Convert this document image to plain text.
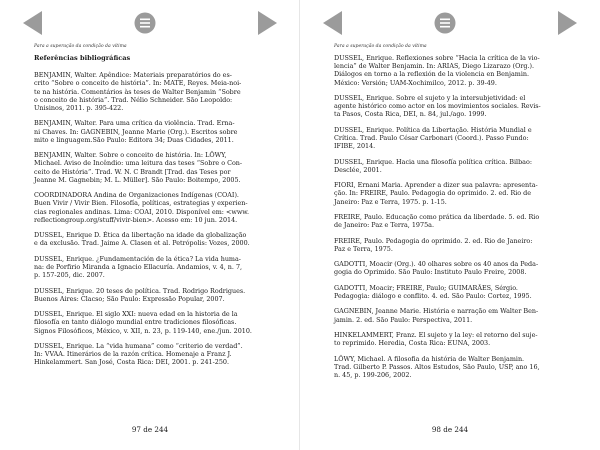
Para a superação da condição da vítima
Referências bibliográficas
BENJAMIN, Walter. Apêndice: Materiais preparatórios do es-
crito “Sobre o conceito de história”. In: MATE, Reyes. Meia-noi-
te na história. Comentários às teses de Walter Benjamin “Sobre
o conceito de história”. Trad. Nélio Schneider. São Leopoldo:
Unisinos, 2011. p. 395-422.
BENJAMIN, Walter. Para uma crítica da violência. Trad. Erna-
ni Chaves. In: GAGNEBIN, Jeanne Marie (Org.). Escritos sobre
mito e linguagem.São Paulo: Editora 34; Duas Cidades, 2011.
BENJAMIN, Walter. Sobre o conceito de história. In: LÖWY,
Michael. Aviso de Incêndio: uma leitura das teses “Sobre o Con-
ceito de História”. Trad. W. N. C Brandt [Trad. das Teses por
Jeanne M. Gagnebin; M. L. Müller]. São Paulo: Boitempo, 2005.
COORDINADORA Andina de Organizaciones Indígenas (COAI).
Buen Vivir / Vivir Bien. Filosofía, políticas, estrategias y experien-
cias regionales andinas. Lima: COAI, 2010. Disponível em: <www.
reflectiongroup.org/stuff/vivir-bien>. Acesso em: 10 jun. 2014.
DUSSEL, Enrique D. Ética da libertação na idade da globalização
e da exclusão. Trad. Jaime A. Clasen et al. Petrópolis: Vozes, 2000.
DUSSEL, Enrique. ¿Fundamentación de la ética? La vida huma-
na: de Porfirio Miranda a Ignacio Ellacuría. Andamios, v. 4, n. 7,
p. 157-205, dic. 2007.
DUSSEL, Enrique. 20 teses de política. Trad. Rodrigo Rodrigues.
Buenos Aires: Clacso; São Paulo: Expressão Popular, 2007.
DUSSEL, Enrique. El siglo XXI: nueva edad en la historia de la
filosofía en tanto diálogo mundial entre tradiciones filosóficas.
Signos Filosóficos, México, v. XII, n. 23, p. 119-140, ene./jun. 2010.
DUSSEL, Enrique. La “vida humana” como “criterio de verdad”.
In: VVAA. Itinerários de la razón crítica. Homenaje a Franz J.
Hinkelammert. San José, Costa Rica: DEI, 2001. p. 241-250.
97 de 244
Para a superação da condição da vítima
DUSSEL, Enrique. Reflexiones sobre “Hacia la crítica de la vio-
lencia” de Walter Benjamin. In: ARIAS, Diego Lizarazo (Org.).
Diálogos en torno a la reflexión de la violencia en Benjamin.
México: Versión; UAM-Xochimilco, 2012. p. 39-49.
DUSSEL, Enrique. Sobre el sujeto y la intersubjetividad: el
agente histórico como actor en los movimientos sociales. Revis-
ta Pasos, Costa Rica, DEI, n. 84, jul./ago. 1999.
DUSSEL, Enrique. Política da Libertação. História Mundial e
Crítica. Trad. Paulo César Carbonari (Coord.). Passo Fundo:
IFIBE, 2014.
DUSSEL, Enrique. Hacia una filosofía política crítica. Bilbao:
Desclée, 2001.
FIORI, Ernani Maria. Aprender a dizer sua palavra: apresenta-
ção. In: FREIRE, Paulo. Pedagogia do oprimido. 2. ed. Rio de
Janeiro: Paz e Terra, 1975. p. 1-15.
FREIRE, Paulo. Educação como prática da liberdade. 5. ed. Rio
de Janeiro: Paz e Terra, 1975a.
FREIRE, Paulo. Pedagogia do oprimido. 2. ed. Rio de Janeiro:
Paz e Terra, 1975.
GADOTTI, Moacir (Org.). 40 olhares sobre os 40 anos da Peda-
gogia do Oprimido. São Paulo: Instituto Paulo Freire, 2008.
GADOTTI, Moacir; FREIRE, Paulo; GUIMARÃES, Sérgio.
Pedagogia: diálogo e conflito. 4. ed. São Paulo: Cortez, 1995.
GAGNEBIN, Jeanne Marie. História e narração em Walter Ben-
jamin. 2. ed. São Paulo: Perspectiva, 2011.
HINKELAMMERT, Franz. El sujeto y la ley: el retorno del suje-
to reprimido. Heredia, Costa Rica: EUNA, 2003.
LÖWY, Michael. A filosofia da história de Walter Benjamin.
Trad. Gilberto P. Passos. Altos Estudos, São Paulo, USP, ano 16,
n. 45, p. 199-206, 2002.
98 de 244
